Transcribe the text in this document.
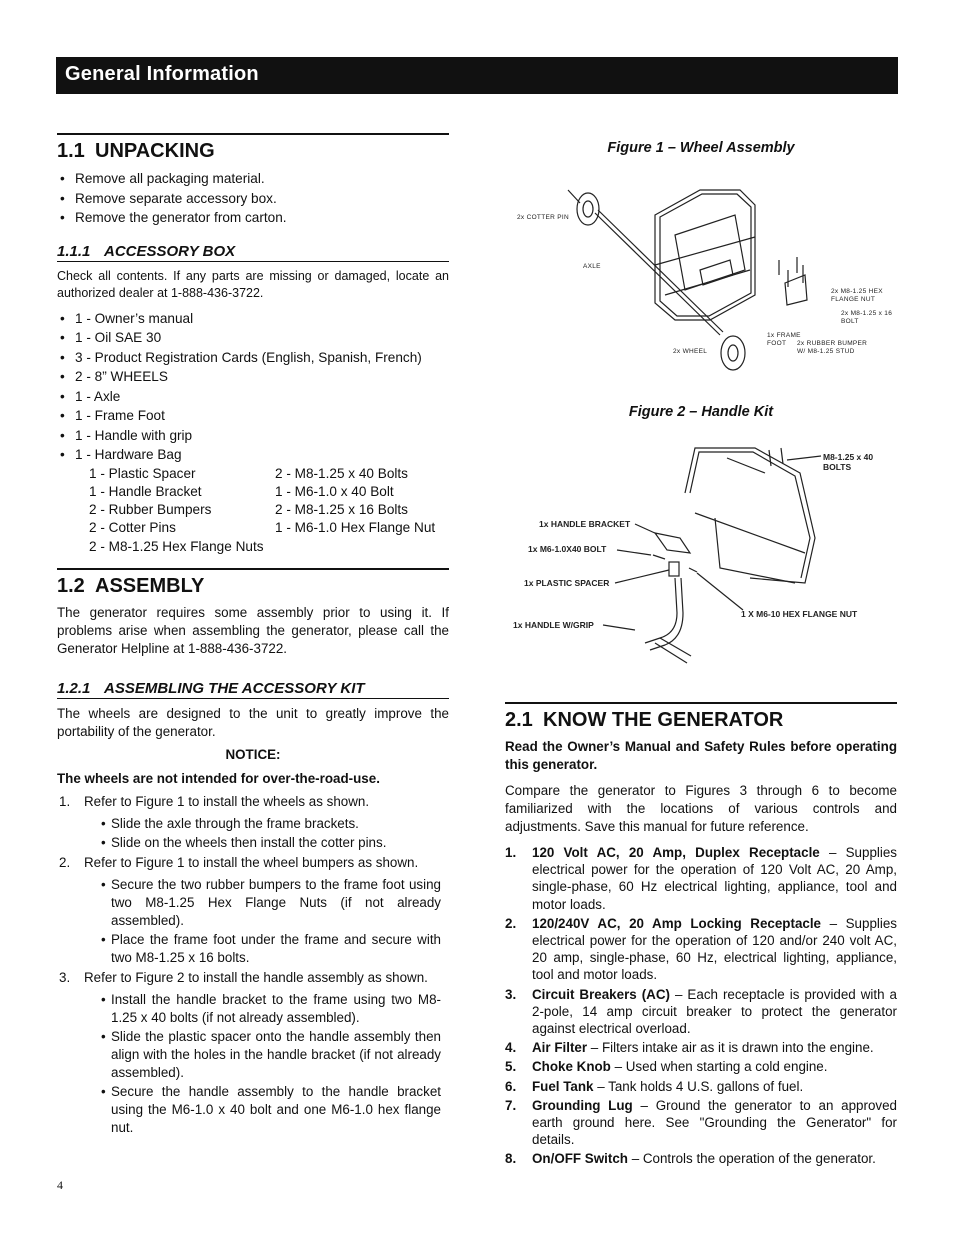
General Information
1.1 UNPACKING
• Remove all packaging material.
• Remove separate accessory box.
• Remove the generator from carton.
1.1.1 ACCESSORY BOX

Check all contents. If any parts are missing or damaged, locate an authorized dealer at 1-888-436-3722.

• 1 - Owner’s manual
• 1 - Oil SAE 30
• 3 - Product Registration Cards (English, Spanish, French)
• 2 - 8” WHEELS
• 1 - Axle
• 1 - Frame Foot
• 1 - Handle with grip
• 1 - Hardware Bag
1 - Plastic Spacer	2 - M8-1.25 x 40 Bolts
1 - Handle Bracket	1 - M6-1.0 x 40 Bolt
2 - Rubber Bumpers	2 - M8-1.25 x 16 Bolts
2 - Cotter Pins	1 - M6-1.0 Hex Flange Nut
2 - M8-1.25 Hex Flange Nuts
1.2 ASSEMBLY

The generator requires some assembly prior to using it. If problems arise when assembling the generator, please call the Generator Helpline at 1-888-436-3722.

1.2.1 ASSEMBLING THE ACCESSORY KIT

The wheels are designed to the unit to greatly improve the portability of the generator.

NOTICE:

The wheels are not intended for over-the-road-use.

1. Refer to Figure 1 to install the wheels as shown.
• Slide the axle through the frame brackets.
• Slide on the wheels then install the cotter pins.
2. Refer to Figure 1 to install the wheel bumpers as shown.
• Secure the two rubber bumpers to the frame foot using two M8-1.25 Hex Flange Nuts (if not already assembled).
• Place the frame foot under the frame and secure with two M8-1.25 x 16 bolts.
3. Refer to Figure 2 to install the handle assembly as shown.
• Install the handle bracket to the frame using two M8-1.25 x 40 bolts (if not already assembled).
• Slide the plastic spacer onto the handle assembly then align with the holes in the handle bracket (if not already assembled).
• Secure the handle assembly to the handle bracket using the M6-1.0 x 40 bolt and one M6-1.0 hex flange nut.
Figure 1 – Wheel Assembly
2x COTTER PIN
AXLE
2x WHEEL
2x M8-1.25 HEX FLANGE NUT
2x M8-1.25 x 16 BOLT
1x FRAME FOOT	2x RUBBER BUMPER W/ M8-1.25 STUD
Figure 2 – Handle Kit
M8-1.25 x 40 BOLTS
1x HANDLE BRACKET
1x M6-1.0X40 BOLT
1x PLASTIC SPACER
1x HANDLE W/GRIP
1 X M6-10 HEX FLANGE NUT
2.1 KNOW THE GENERATOR

Read the Owner’s Manual and Safety Rules before operating this generator.

Compare the generator to Figures 3 through 6 to become familiarized with the locations of various controls and adjustments. Save this manual for future reference.

1. 120 Volt AC, 20 Amp, Duplex Receptacle – Supplies electrical power for the operation of 120 Volt AC, 20 Amp, single-phase, 60 Hz electrical lighting, appliance, tool and motor loads.
2. 120/240V AC, 20 Amp Locking Receptacle – Supplies electrical power for the operation of 120 and/or 240 volt AC, 20 amp, single-phase, 60 Hz, electrical lighting, appliance, tool and motor loads.
3. Circuit Breakers (AC) – Each receptacle is provided with a 2-pole, 14 amp circuit breaker to protect the generator against electrical overload.
4. Air Filter – Filters intake air as it is drawn into the engine.
5. Choke Knob – Used when starting a cold engine.
6. Fuel Tank – Tank holds 4 U.S. gallons of fuel.
7. Grounding Lug – Ground the generator to an approved earth ground here. See "Grounding the Generator" for details.
8. On/OFF Switch – Controls the operation of the generator.
4
